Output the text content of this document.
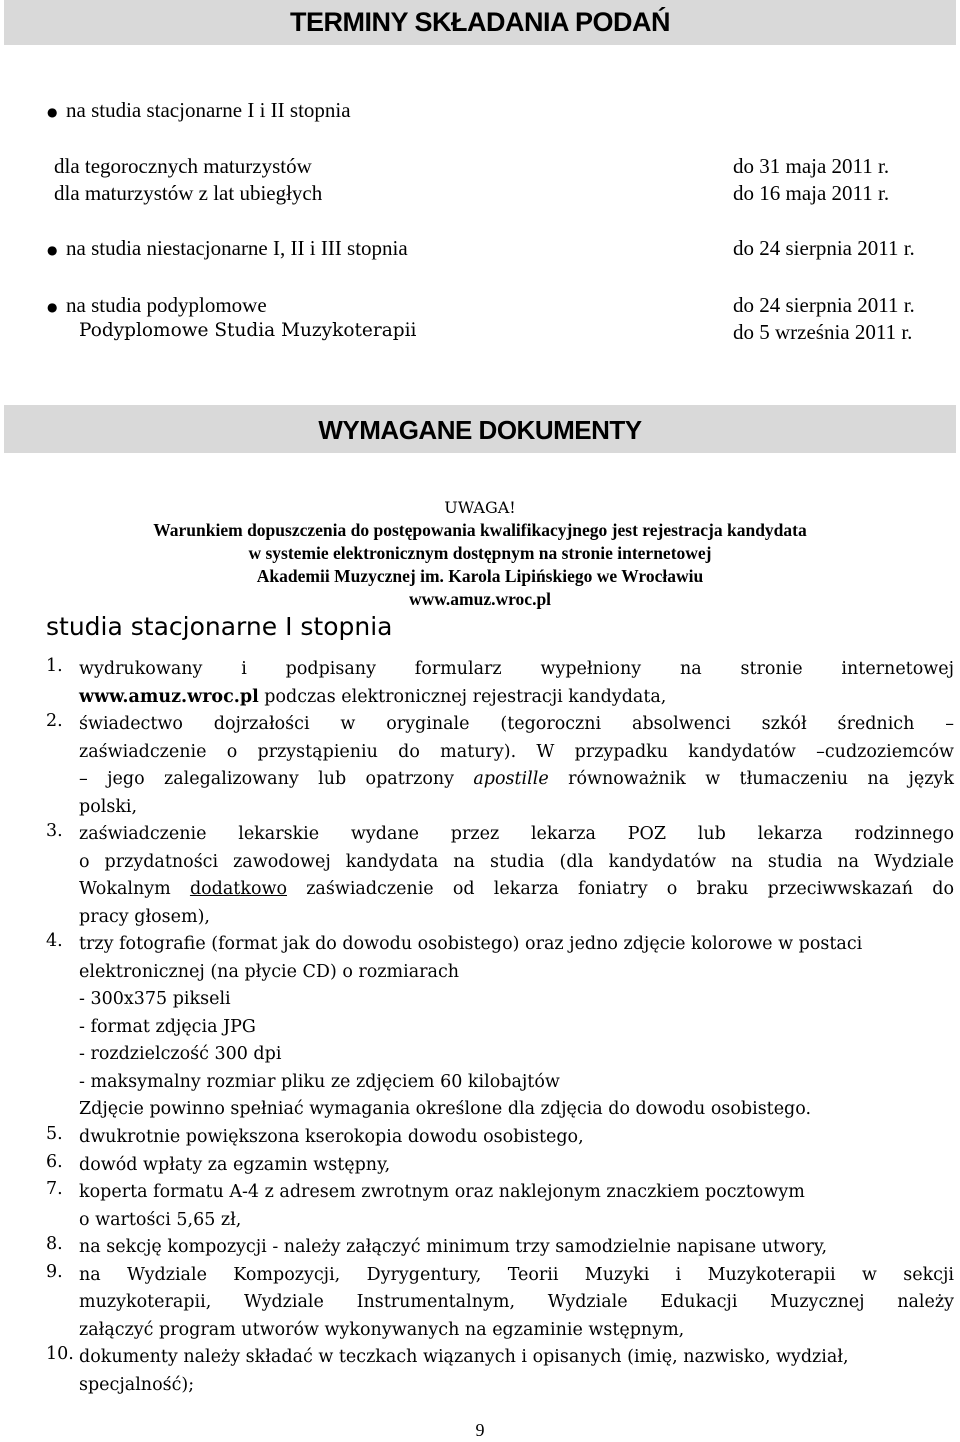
TERMINY SKŁADANIA PODAŃ
● na studia stacjonarne I i II stopnia
dla tegorocznych maturzystów	do 31 maja 2011 r.
dla maturzystów z lat ubiegłych	do 16 maja 2011 r.
● na studia niestacjonarne I, II i III stopnia	do 24 sierpnia 2011 r.
● na studia podyplomowe	do 24 sierpnia 2011 r.
Podyplomowe Studia Muzykoterapii	do 5 września 2011 r.
WYMAGANE DOKUMENTY
UWAGA!
Warunkiem dopuszczenia do postępowania kwalifikacyjnego jest rejestracja kandydata
w systemie elektronicznym dostępnym na stronie internetowej
Akademii Muzycznej im. Karola Lipińskiego we Wrocławiu
www.amuz.wroc.pl
studia stacjonarne I stopnia
1. wydrukowany i podpisany formularz wypełniony na stronie internetowej
www.amuz.wroc.pl podczas elektronicznej rejestracji kandydata,
2. świadectwo dojrzałości w oryginale (tegoroczni absolwenci szkół średnich –
zaświadczenie o przystąpieniu do matury). W przypadku kandydatów –cudzoziemców
– jego zalegalizowany lub opatrzony apostille równoważnik w tłumaczeniu na język
polski,
3. zaświadczenie lekarskie wydane przez lekarza POZ lub lekarza rodzinnego
o przydatności zawodowej kandydata na studia (dla kandydatów na studia na Wydziale
Wokalnym dodatkowo zaświadczenie od lekarza foniatry o braku przeciwwskazań do
pracy głosem),
4. trzy fotografie (format jak do dowodu osobistego) oraz jedno zdjęcie kolorowe w postaci
elektronicznej (na płycie CD) o rozmiarach
- 300x375 pikseli
- format zdjęcia JPG
- rozdzielczość 300 dpi
- maksymalny rozmiar pliku ze zdjęciem 60 kilobajtów
Zdjęcie powinno spełniać wymagania określone dla zdjęcia do dowodu osobistego.
5. dwukrotnie powiększona kserokopia dowodu osobistego,
6. dowód wpłaty za egzamin wstępny,
7. koperta formatu A-4 z adresem zwrotnym oraz naklejonym znaczkiem pocztowym
o wartości 5,65 zł,
8. na sekcję kompozycji - należy załączyć minimum trzy samodzielnie napisane utwory,
9. na Wydziale Kompozycji, Dyrygentury, Teorii Muzyki i Muzykoterapii w sekcji
muzykoterapii, Wydziale Instrumentalnym, Wydziale Edukacji Muzycznej należy
załączyć program utworów wykonywanych na egzaminie wstępnym,
10. dokumenty należy składać w teczkach wiązanych i opisanych (imię, nazwisko, wydział,
specjalność);
9
